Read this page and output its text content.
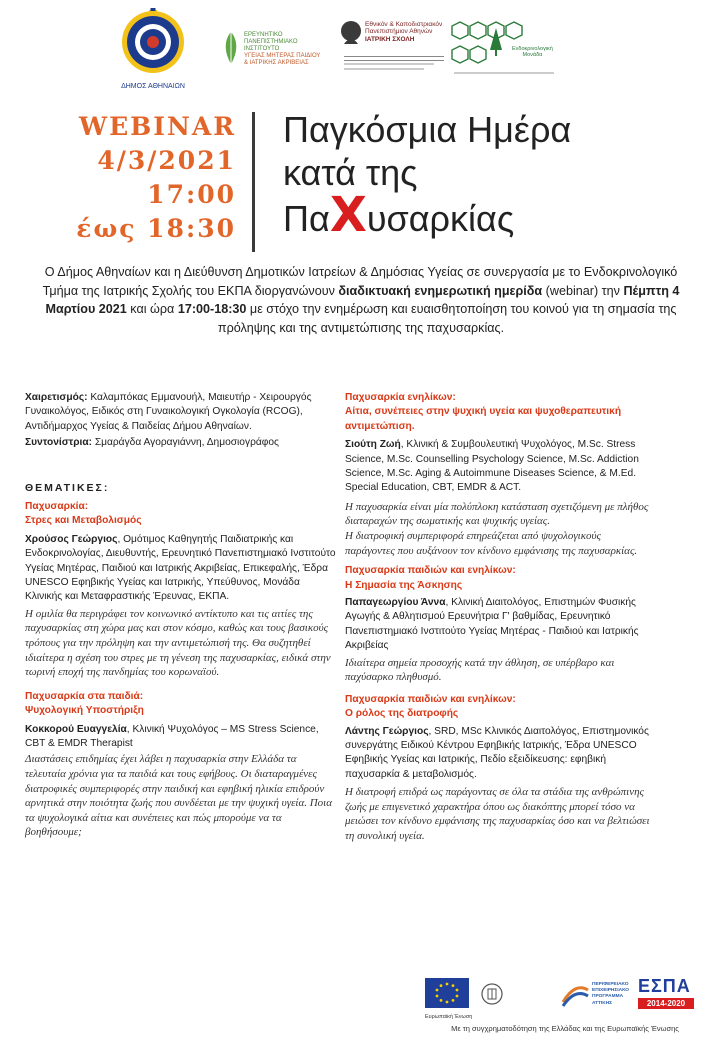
ΔΗΜΟΣ ΑΘΗΝΑΙΩΝ
ΕΡΕΥΝΗΤΙΚΟ
ΠΑΝΕΠΙΣΤΗΜΙΑΚΟ
ΙΝΣΤΙΤΟΥΤΟ
ΥΓΕΙΑΣ ΜΗΤΕΡΑΣ ΠΑΙΔΙΟΥ
& ΙΑΤΡΙΚΗΣ ΑΚΡΙΒΕΙΑΣ
Εθνικόν & Καποδιστριακόν
Πανεπιστήμιον Αθηνών
ΙΑΤΡΙΚΗ ΣΧΟΛΗ
Ενδοκρινολογική
Μονάδα
WEBINAR
4/3/2021
17:00
έως 18:30
Παγκόσμια Ημέρα
κατά της
ΠαXυσαρκίας
Ο Δήμος Αθηναίων και η Διεύθυνση Δημοτικών Ιατρείων & Δημόσιας Υγείας σε συνεργασία με το Ενδοκρινολογικό Τμήμα της Ιατρικής Σχολής του ΕΚΠΑ διοργανώνουν διαδικτυακή ενημερωτική ημερίδα (webinar) την Πέμπτη 4 Μαρτίου 2021 και ώρα 17:00-18:30 με στόχο την ενημέρωση και ευαισθητοποίηση του κοινού για τη σημασία της πρόληψης και της αντιμετώπισης της παχυσαρκίας.

Χαιρετισμός: Καλαμπόκας Εμμανουήλ, Μαιευτήρ - Χειρουργός Γυναικολόγος, Ειδικός στη Γυναικολογική Ογκολογία (RCOG), Αντιδήμαρχος Υγείας & Παιδείας Δήμου Αθηναίων.

Συντονίστρια: Σμαράγδα Αγοραγιάννη, Δημοσιογράφος

ΘΕΜΑΤΙΚΕΣ:

Παχυσαρκία:

Στρες και Μεταβολισμός

Χρούσος Γεώργιος, Ομότιμος Καθηγητής Παιδιατρικής και Ενδοκρινολογίας, Διευθυντής, Ερευνητικό Πανεπιστημιακό Ινστιτούτο Υγείας Μητέρας, Παιδιού και Ιατρικής Ακριβείας, Επικεφαλής, Έδρα UNESCO Εφηβικής Υγείας και Ιατρικής, Υπεύθυνος, Μονάδα Κλινικής και Μεταφραστικής Έρευνας, ΕΚΠΑ.

Η ομιλία θα περιγράφει τον κοινωνικό αντίκτυπο και τις αιτίες της παχυσαρκίας στη χώρα μας και στον κόσμο, καθώς και τους βασικούς τρόπους για την πρόληψη και την αντιμετώπισή της. Θα συζητηθεί ιδιαίτερα η σχέση του στρες με τη γένεση της παχυσαρκίας, ειδικά στην τωρινή εποχή της πανδημίας του κορωναϊού.

Παχυσαρκία στα παιδιά:

Ψυχολογική Υποστήριξη

Κοκκορού Ευαγγελία, Κλινική Ψυχολόγος – MS Stress Science, CBT & EMDR Therapist

Διαστάσεις επιδημίας έχει λάβει η παχυσαρκία στην Ελλάδα τα τελευταία χρόνια για τα παιδιά και τους εφήβους. Οι διαταραγμένες διατροφικές συμπεριφορές στην παιδική και εφηβική ηλικία επιδρούν αρνητικά στην ποιότητα ζωής που συνδέεται με την ψυχική υγεία. Ποια τα ψυχολογικά αίτια και συνέπειες και πώς μπορούμε να τα βοηθήσουμε;

Παχυσαρκία ενηλίκων:

Αίτια, συνέπειες στην ψυχική υγεία και ψυχοθεραπευτική αντιμετώπιση.

Σιούτη Ζωή, Κλινική & Συμβουλευτική Ψυχολόγος, M.Sc. Stress Science, M.Sc. Counselling Psychology Science, M.Sc. Addiction Science, M.Sc. Aging & Autoimmune Diseases Science, & M.Ed. Special Education, CBT, EMDR & ACT.

Η παχυσαρκία είναι μία πολύπλοκη κατάσταση σχετιζόμενη με πλήθος διαταραχών της σωματικής και ψυχικής υγείας.

Η διατροφική συμπεριφορά επηρεάζεται από ψυχολογικούς παράγοντες που αυξάνουν τον κίνδυνο εμφάνισης της παχυσαρκίας.

Παχυσαρκία παιδιών και ενηλίκων:

Η Σημασία της Άσκησης

Παπαγεωργίου Άννα, Κλινική Διαιτολόγος, Επιστημών Φυσικής Αγωγής & Αθλητισμού Ερευνήτρια Γ' βαθμίδας, Ερευνητικό Πανεπιστημιακό Ινστιτούτο Υγείας Μητέρας - Παιδιού και Ιατρικής Ακριβείας

Ιδιαίτερα σημεία προσοχής κατά την άθληση, σε υπέρβαρο και παχύσαρκο πληθυσμό.

Παχυσαρκία παιδιών και ενηλίκων:

Ο ρόλος της διατροφής

Λάντης Γεώργιος, SRD, MSc Κλινικός Διαιτολόγος, Επιστημονικός συνεργάτης Ειδικού Κέντρου Εφηβικής Ιατρικής, Έδρα UNESCO Εφηβικής Υγείας και Ιατρικής, Πεδίο εξειδίκευσης: εφηβική παχυσαρκία & μεταβολισμός.

Η διατροφή επιδρά ως παράγοντας σε όλα τα στάδια της ανθρώπινης ζωής με επιγενετικό χαρακτήρα όπου ως διακόπτης μπορεί τόσο να μειώσει τον κίνδυνο εμφάνισης της παχυσαρκίας όσο και να βελτιώσει τη συνολική υγεία.

Ευρωπαϊκή Ένωση
ΠΕΡΙΦΕΡΕΙΑΚΟ
ΕΠΙΧΕΙΡΗΣΙΑΚΟ
ΠΡΟΓΡΑΜΜΑ
ΑΤΤΙΚΗΣ
ΕΣΠΑ
2014-2020
Με τη συγχρηματοδότηση της Ελλάδας και της Ευρωπαϊκής Ένωσης
